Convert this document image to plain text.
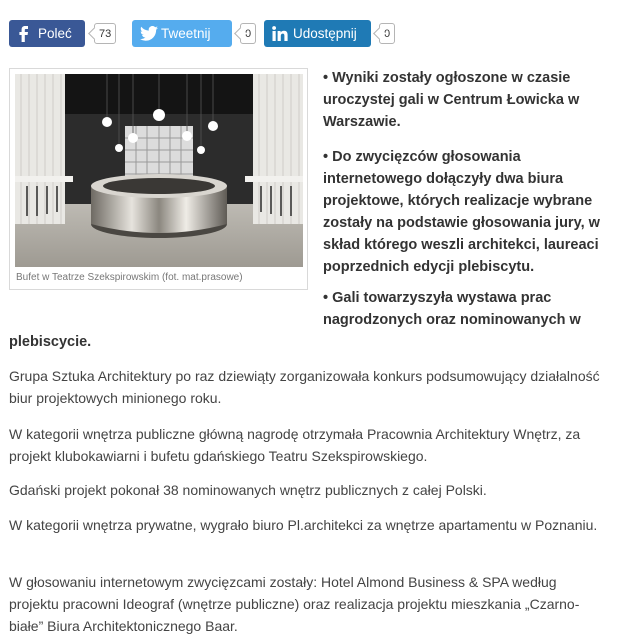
Poleć	73	Tweetnij	0	Udostępnij	0
Bufet w Teatrze Szekspirowskim (fot. mat.prasowe)
• Wyniki zostały ogłoszone w czasie uroczystej gali w Centrum Łowicka w Warszawie.
• Do zwycięzców głosowania internetowego dołączyły dwa biura projektowe, których realizacje wybrane zostały na podstawie głosowania jury, w skład którego weszli architekci, laureaci poprzednich edycji plebiscytu.
• Gali towarzyszyła wystawa prac nagrodzonych oraz nominowanych w
plebiscycie.

Grupa Sztuka Architektury po raz dziewiąty zorganizowała konkurs podsumowujący działalność biur projektowych minionego roku.

W kategorii wnętrza publiczne główną nagrodę otrzymała Pracownia Architektury Wnętrz, za projekt klubokawiarni i bufetu gdańskiego Teatru Szekspirowskiego.

Gdański projekt pokonał 38 nominowanych wnętrz publicznych z całej Polski.

W kategorii wnętrza prywatne, wygrało biuro Pl.architekci za wnętrze apartamentu w Poznaniu.

W głosowaniu internetowym zwycięzcami zostały: Hotel Almond Business & SPA według projektu pracowni Ideograf (wnętrze publiczne) oraz realizacja projektu mieszkania „Czarno-białe” Biura Architektonicznego Baar.
